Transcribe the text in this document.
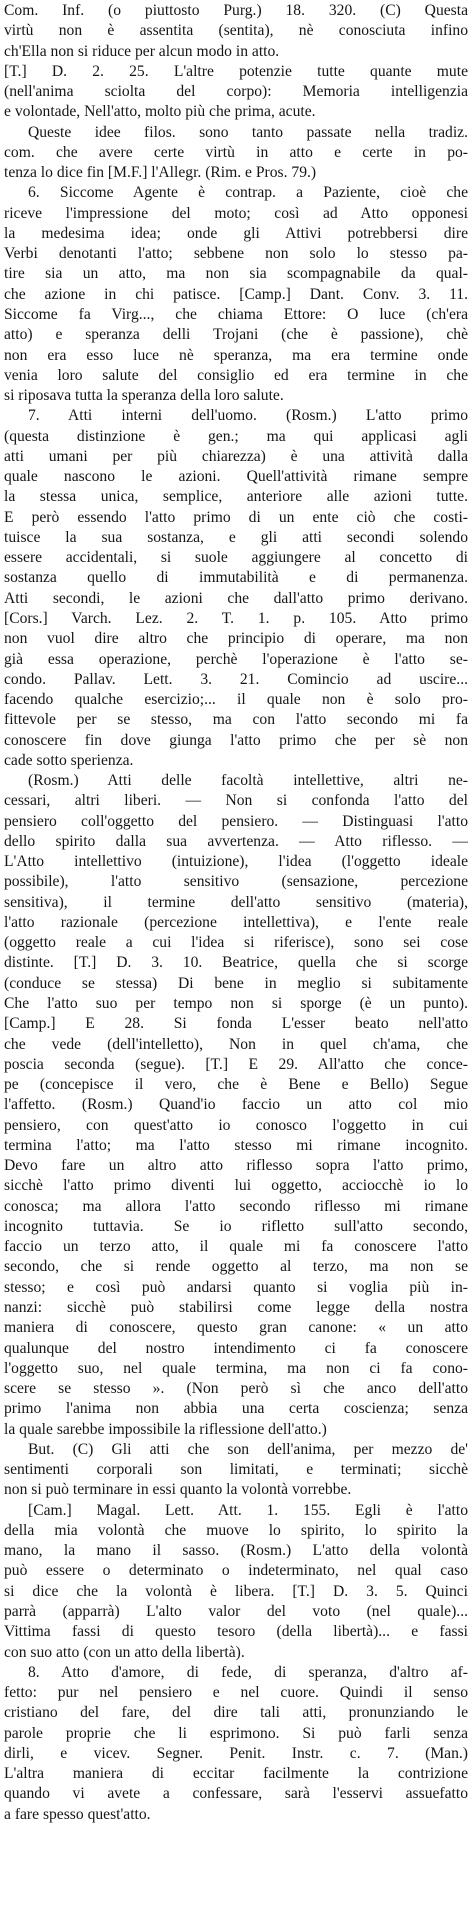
Com. Inf. (o piuttosto Purg.) 18. 320. (C) Questa
virtù non è assentita (sentita), nè conosciuta infino
ch'Ella non si riduce per alcun modo in atto.
[T.] D. 2. 25. L'altre potenzie tutte quante mute
(nell'anima sciolta del corpo): Memoria intelligenzia
e volontade, Nell'atto, molto più che prima, acute.
Queste idee filos. sono tanto passate nella tradiz.
com. che avere certe virtù in atto e certe in po-
tenza lo dice fin [M.F.] l'Allegr. (Rim. e Pros. 79.)
6. Siccome Agente è contrap. a Paziente, cioè che
riceve l'impressione del moto; così ad Atto opponesi
la medesima idea; onde gli Attivi potrebbersi dire
Verbi denotanti l'atto; sebbene non solo lo stesso pa-
tire sia un atto, ma non sia scompagnabile da qual-
che azione in chi patisce. [Camp.] Dant. Conv. 3. 11.
Siccome fa Virg..., che chiama Ettore: O luce (ch'era
atto) e speranza delli Trojani (che è passione), chè
non era esso luce nè speranza, ma era termine onde
venia loro salute del consiglio ed era termine in che
si riposava tutta la speranza della loro salute.
7. Atti interni dell'uomo. (Rosm.) L'atto primo
(questa distinzione è gen.; ma qui applicasi agli
atti umani per più chiarezza) è una attività dalla
quale nascono le azioni. Quell'attività rimane sempre
la stessa unica, semplice, anteriore alle azioni tutte.
E però essendo l'atto primo di un ente ciò che costi-
tuisce la sua sostanza, e gli atti secondi solendo
essere accidentali, si suole aggiungere al concetto di
sostanza quello di immutabilità e di permanenza.
Atti secondi, le azioni che dall'atto primo derivano.
[Cors.] Varch. Lez. 2. T. 1. p. 105. Atto primo
non vuol dire altro che principio di operare, ma non
già essa operazione, perchè l'operazione è l'atto se-
condo. Pallav. Lett. 3. 21. Comincio ad uscire...
facendo qualche esercizio;... il quale non è solo pro-
fittevole per se stesso, ma con l'atto secondo mi fa
conoscere fin dove giunga l'atto primo che per sè non
cade sotto sperienza.
(Rosm.) Atti delle facoltà intellettive, altri ne-
cessari, altri liberi. — Non si confonda l'atto del
pensiero coll'oggetto del pensiero. — Distinguasi l'atto
dello spirito dalla sua avvertenza. — Atto riflesso. —
L'Atto intellettivo (intuizione), l'idea (l'oggetto ideale
possibile), l'atto sensitivo (sensazione, percezione
sensitiva), il termine dell'atto sensitivo (materia),
l'atto razionale (percezione intellettiva), e l'ente reale
(oggetto reale a cui l'idea si riferisce), sono sei cose
distinte. [T.] D. 3. 10. Beatrice, quella che si scorge
(conduce se stessa) Di bene in meglio si subitamente
Che l'atto suo per tempo non si sporge (è un punto).
[Camp.] E 28. Si fonda L'esser beato nell'atto
che vede (dell'intelletto), Non in quel ch'ama, che
poscia seconda (segue). [T.] E 29. All'atto che conce-
pe (concepisce il vero, che è Bene e Bello) Segue
l'affetto. (Rosm.) Quand'io faccio un atto col mio
pensiero, con quest'atto io conosco l'oggetto in cui
termina l'atto; ma l'atto stesso mi rimane incognito.
Devo fare un altro atto riflesso sopra l'atto primo,
sicchè l'atto primo diventi lui oggetto, acciocchè io lo
conosca; ma allora l'atto secondo riflesso mi rimane
incognito tuttavia. Se io rifletto sull'atto secondo,
faccio un terzo atto, il quale mi fa conoscere l'atto
secondo, che si rende oggetto al terzo, ma non se
stesso; e così può andarsi quanto si voglia più in-
nanzi: sicchè può stabilirsi come legge della nostra
maniera di conoscere, questo gran canone: « un atto
qualunque del nostro intendimento ci fa conoscere
l'oggetto suo, nel quale termina, ma non ci fa cono-
scere se stesso ». (Non però sì che anco dell'atto
primo l'anima non abbia una certa coscienza; senza
la quale sarebbe impossibile la riflessione dell'atto.)
But. (C) Gli atti che son dell'anima, per mezzo de'
sentimenti corporali son limitati, e terminati; sicchè
non si può terminare in essi quanto la volontà vorrebbe.
[Cam.] Magal. Lett. Att. 1. 155. Egli è l'atto
della mia volontà che muove lo spirito, lo spirito la
mano, la mano il sasso. (Rosm.) L'atto della volontà
può essere o determinato o indeterminato, nel qual caso
si dice che la volontà è libera. [T.] D. 3. 5. Quinci
parrà (apparrà) L'alto valor del voto (nel quale)...
Vittima fassi di questo tesoro (della libertà)... e fassi
con suo atto (con un atto della libertà).
8. Atto d'amore, di fede, di speranza, d'altro af-
fetto: pur nel pensiero e nel cuore. Quindi il senso
cristiano del fare, del dire tali atti, pronunziando le
parole proprie che li esprimono. Si può farli senza
dirli, e vicev. Segner. Penit. Instr. c. 7. (Man.)
L'altra maniera di eccitar facilmente la contrizione
quando vi avete a confessare, sarà l'esservi assuefatto
a fare spesso quest'atto.
